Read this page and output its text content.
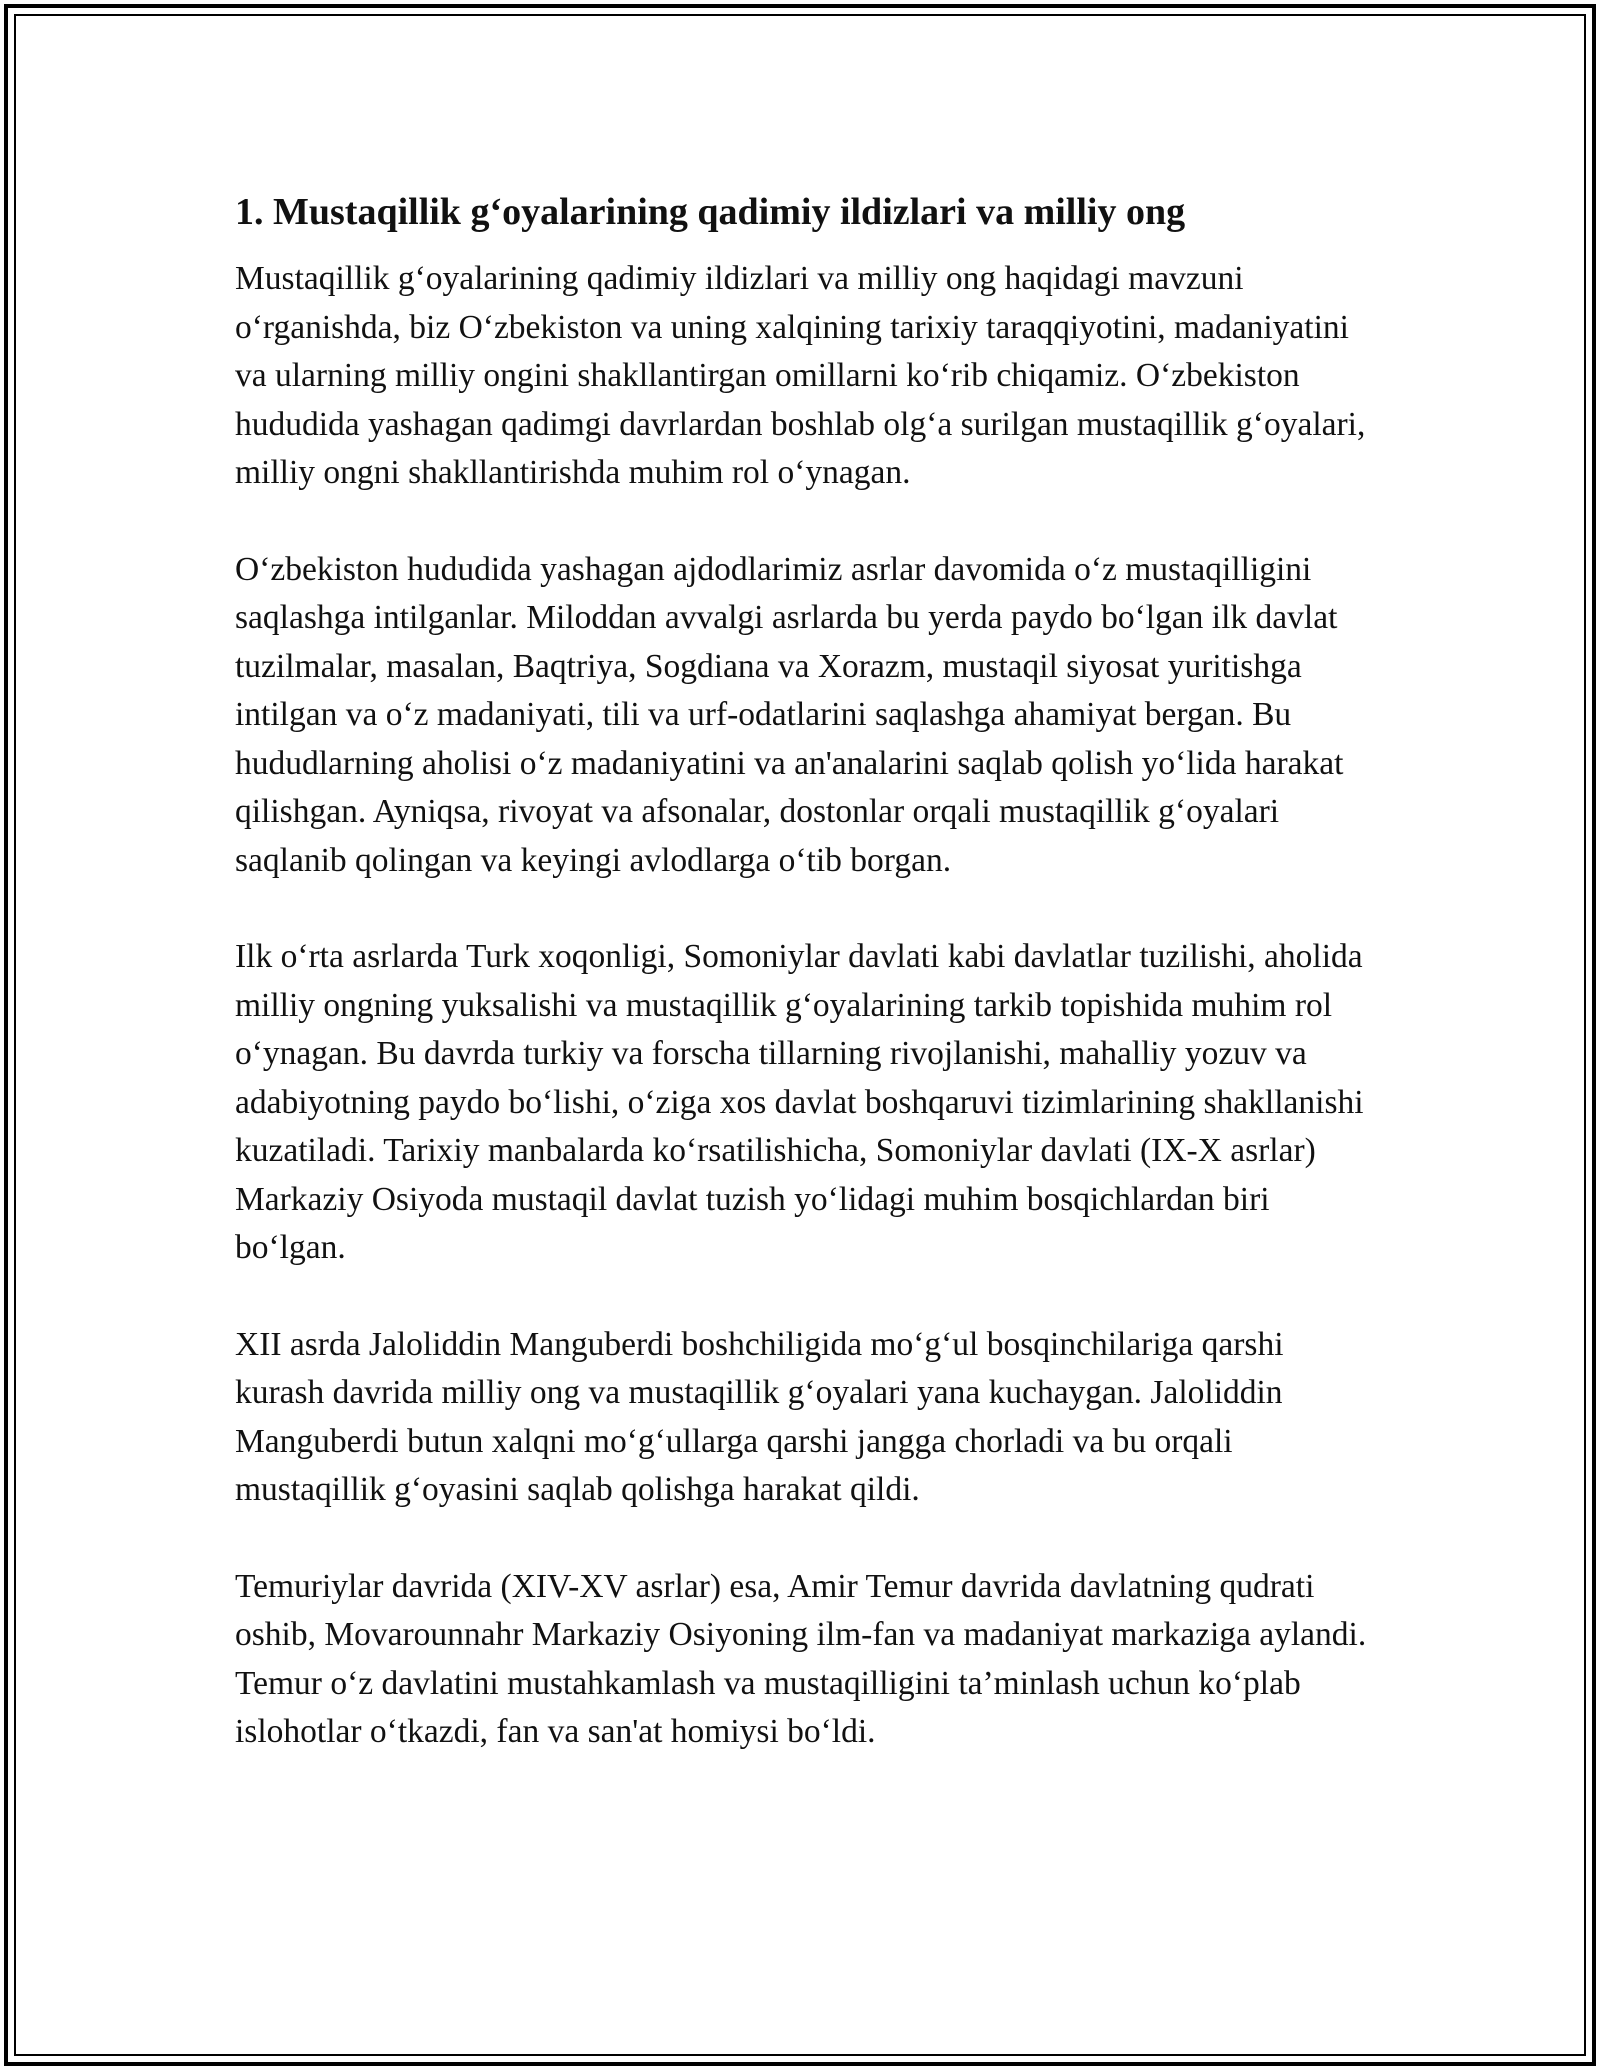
1. Mustaqillik g‘oyalarining qadimiy ildizlari va milliy ong

Mustaqillik g‘oyalarining qadimiy ildizlari va milliy ong haqidagi mavzuni o‘rganishda, biz O‘zbekiston va uning xalqining tarixiy taraqqiyotini, madaniyatini va ularning milliy ongini shakllantirgan omillarni ko‘rib chiqamiz. O‘zbekiston hududida yashagan qadimgi davrlardan boshlab olg‘a surilgan mustaqillik g‘oyalari, milliy ongni shakllantirishda muhim rol o‘ynagan.

O‘zbekiston hududida yashagan ajdodlarimiz asrlar davomida o‘z mustaqilligini saqlashga intilganlar. Miloddan avvalgi asrlarda bu yerda paydo bo‘lgan ilk davlat tuzilmalar, masalan, Baqtriya, Sogdiana va Xorazm, mustaqil siyosat yuritishga intilgan va o‘z madaniyati, tili va urf-odatlarini saqlashga ahamiyat bergan. Bu hududlarning aholisi o‘z madaniyatini va an'analarini saqlab qolish yo‘lida harakat qilishgan. Ayniqsa, rivoyat va afsonalar, dostonlar orqali mustaqillik g‘oyalari saqlanib qolingan va keyingi avlodlarga o‘tib borgan.

Ilk o‘rta asrlarda Turk xoqonligi, Somoniylar davlati kabi davlatlar tuzilishi, aholida milliy ongning yuksalishi va mustaqillik g‘oyalarining tarkib topishida muhim rol o‘ynagan. Bu davrda turkiy va forscha tillarning rivojlanishi, mahalliy yozuv va adabiyotning paydo bo‘lishi, o‘ziga xos davlat boshqaruvi tizimlarining shakllanishi kuzatiladi. Tarixiy manbalarda ko‘rsatilishicha, Somoniylar davlati (IX-X asrlar) Markaziy Osiyoda mustaqil davlat tuzish yo‘lidagi muhim bosqichlardan biri bo‘lgan.

XII asrda Jaloliddin Manguberdi boshchiligida mo‘g‘ul bosqinchilariga qarshi kurash davrida milliy ong va mustaqillik g‘oyalari yana kuchaygan. Jaloliddin Manguberdi butun xalqni mo‘g‘ullarga qarshi jangga chorladi va bu orqali mustaqillik g‘oyasini saqlab qolishga harakat qildi.

Temuriylar davrida (XIV-XV asrlar) esa, Amir Temur davrida davlatning qudrati oshib, Movarounnahr Markaziy Osiyoning ilm-fan va madaniyat markaziga aylandi. Temur o‘z davlatini mustahkamlash va mustaqilligini ta’minlash uchun ko‘plab islohotlar o‘tkazdi, fan va san'at homiysi bo‘ldi.
